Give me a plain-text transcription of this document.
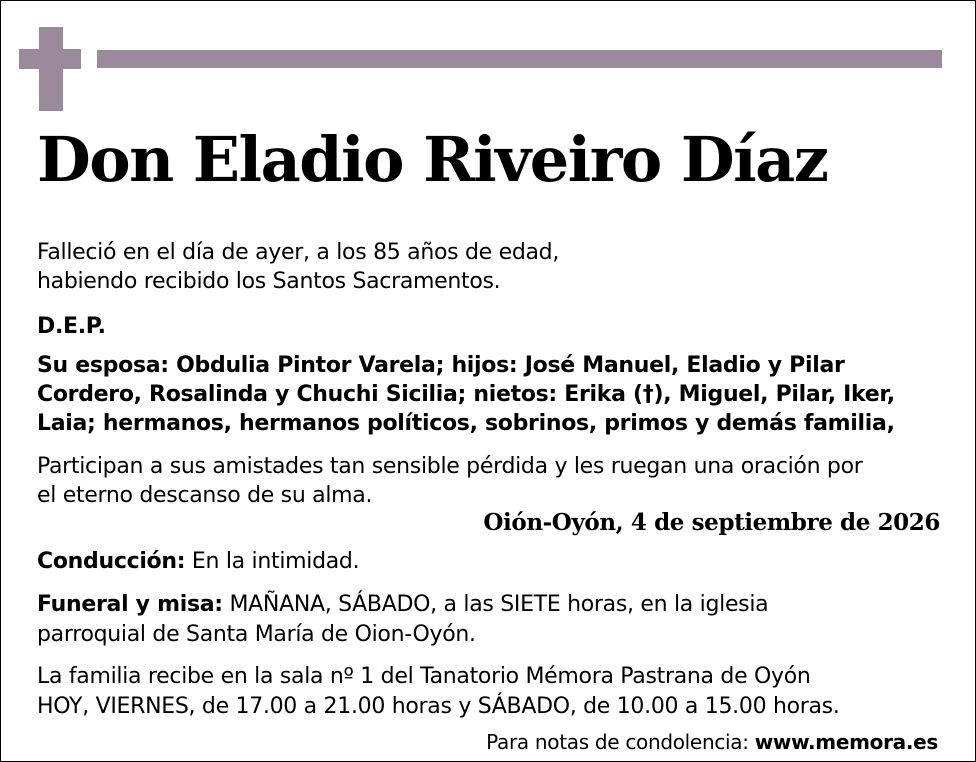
Don Eladio Riveiro Díaz
Falleció en el día de ayer, a los 85 años de edad,
habiendo recibido los Santos Sacramentos.
D.E.P.
Su esposa: Obdulia Pintor Varela; hijos: José Manuel, Eladio y Pilar
Cordero, Rosalinda y Chuchi Sicilia; nietos: Erika (†), Miguel, Pilar, Iker,
Laia; hermanos, hermanos políticos, sobrinos, primos y demás familia,
Participan a sus amistades tan sensible pérdida y les ruegan una oración por
el eterno descanso de su alma.
Oión-Oyón, 4 de septiembre de 2026
Conducción: En la intimidad.
Funeral y misa: MAÑANA, SÁBADO, a las SIETE horas, en la iglesia
parroquial de Santa María de Oion-Oyón.
La familia recibe en la sala nº 1 del Tanatorio Mémora Pastrana de Oyón
HOY, VIERNES, de 17.00 a 21.00 horas y SÁBADO, de 10.00 a 15.00 horas.
Para notas de condolencia: www.memora.es
